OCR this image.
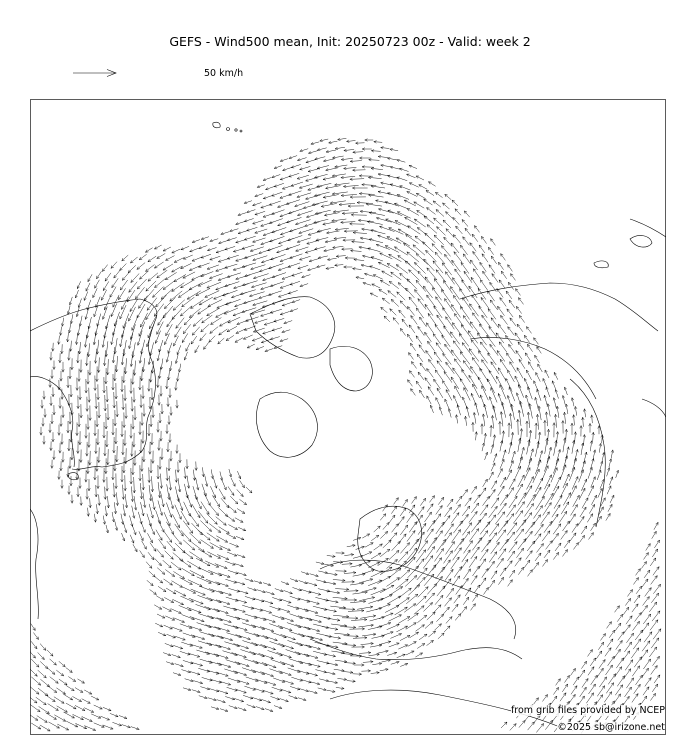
GEFS - Wind500 mean, Init: 20250723 00z - Valid: week 2
50 km/h
from grib files provided by NCEP
©2025 sb@irizone.net
